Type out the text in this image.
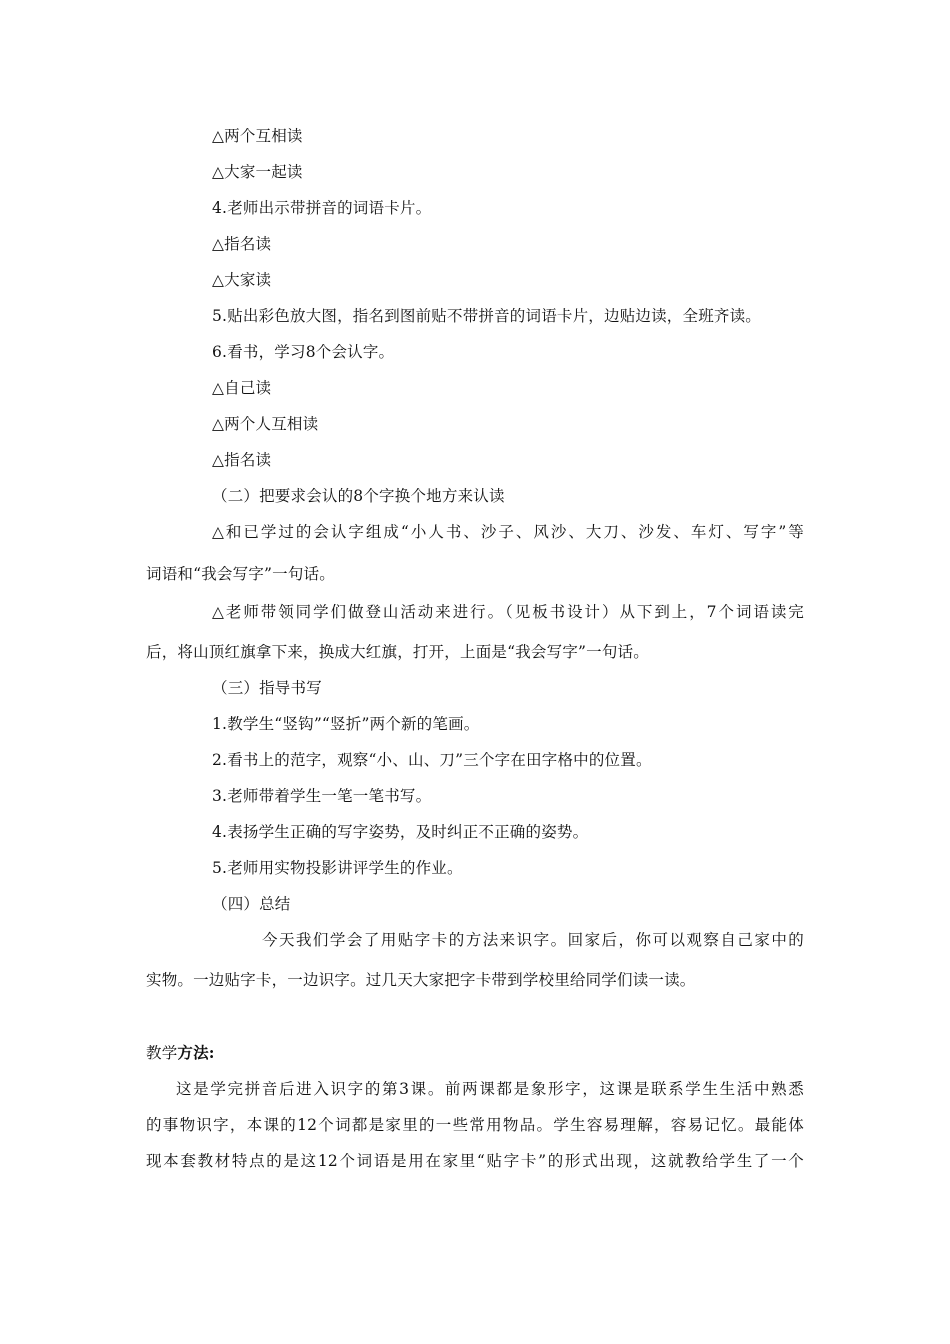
△两个互相读
△大家一起读
4.老师出示带拼音的词语卡片。
△指名读
△大家读
5.贴出彩色放大图，指名到图前贴不带拼音的词语卡片，边贴边读，全班齐读。
6.看书，学习8个会认字。
△自己读
△两个人互相读
△指名读
（二）把要求会认的8个字换个地方来认读
△和已学过的会认字组成“小人书、沙子、风沙、大刀、沙发、车灯、写字”等
词语和“我会写字”一句话。
△老师带领同学们做登山活动来进行。（见板书设计）从下到上，7个词语读完
后，将山顶红旗拿下来，换成大红旗，打开，上面是“我会写字”一句话。
（三）指导书写
1.教学生“竖钩”“竖折”两个新的笔画。
2.看书上的范字，观察“小、山、刀”三个字在田字格中的位置。
3.老师带着学生一笔一笔书写。
4.表扬学生正确的写字姿势，及时纠正不正确的姿势。
5.老师用实物投影讲评学生的作业。
（四）总结
今天我们学会了用贴字卡的方法来识字。回家后，你可以观察自己家中的
实物。一边贴字卡，一边识字。过几天大家把字卡带到学校里给同学们读一读。
教学方法:
这是学完拼音后进入识字的第3课。前两课都是象形字，这课是联系学生生活中熟悉
的事物识字，本课的12个词都是家里的一些常用物品。学生容易理解，容易记忆。最能体
现本套教材特点的是这12个词语是用在家里“贴字卡”的形式出现，这就教给学生了一个
